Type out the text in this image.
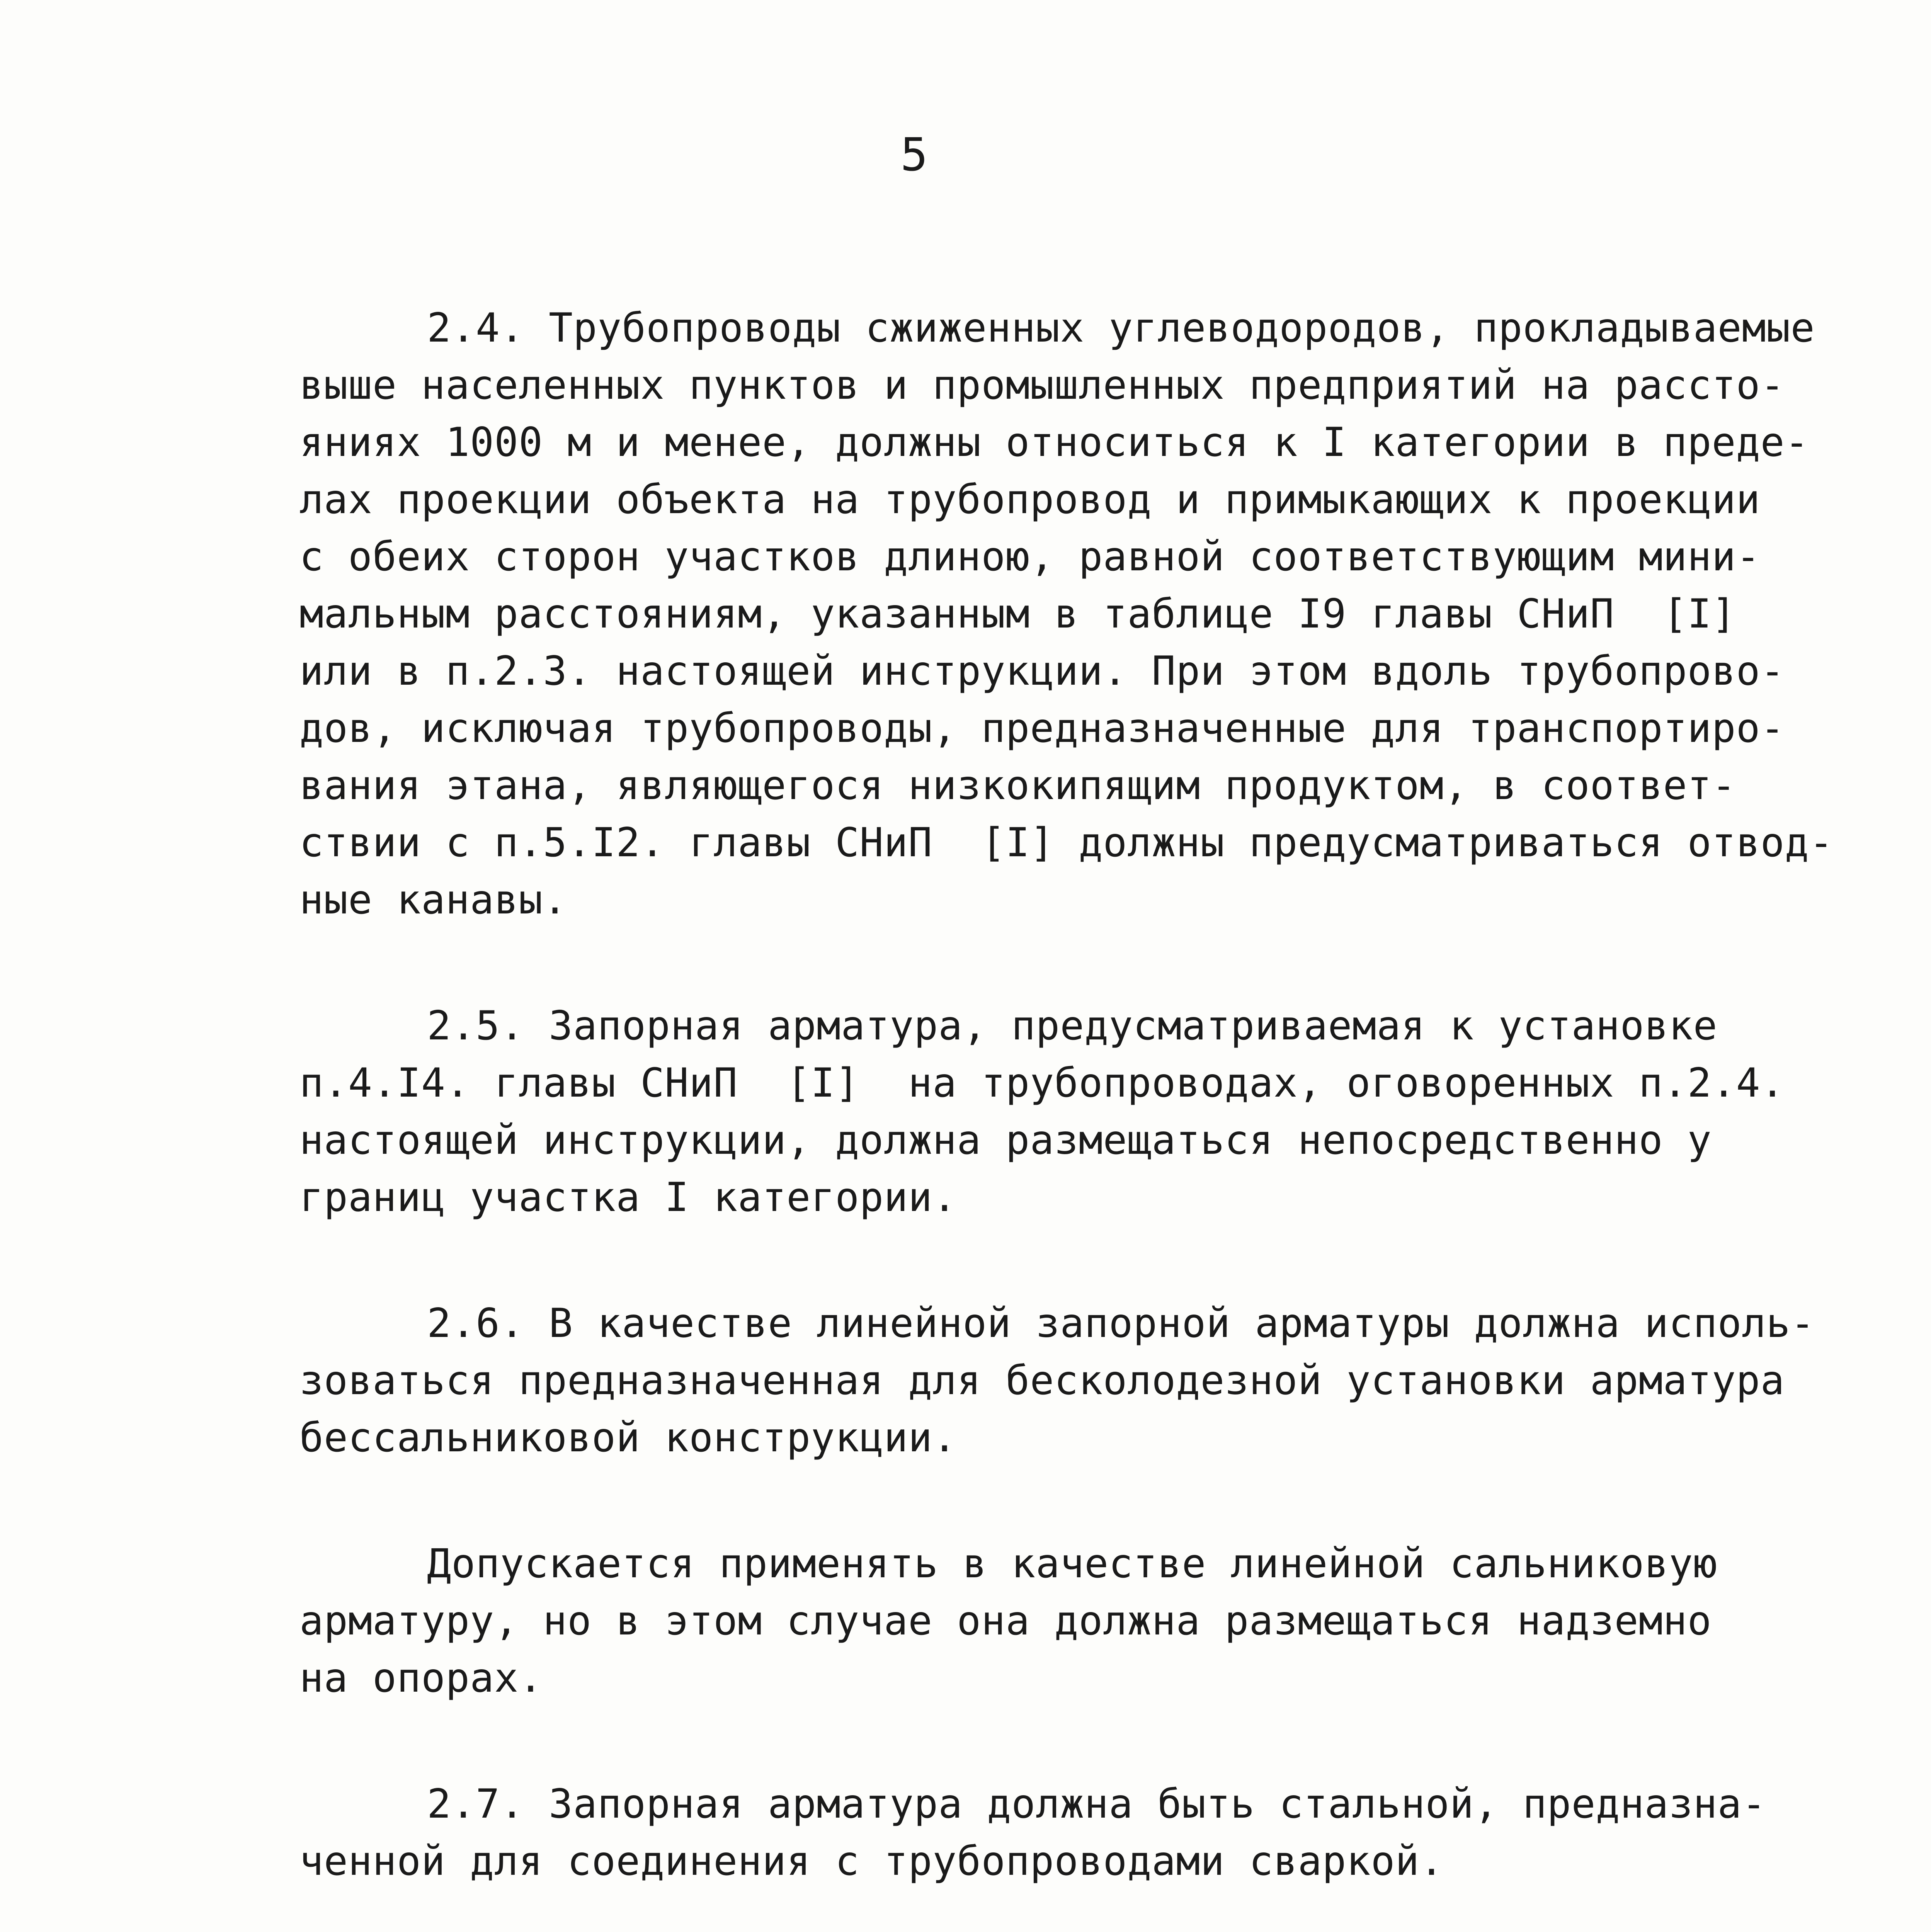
5
2.4. Трубопроводы сжиженных углеводородов, прокладываемые
выше населенных пунктов и промышленных предприятий на рассто-
яниях 1000 м и менее, должны относиться к I категории в преде-
лах проекции объекта на трубопровод и примыкающих к проекции
с обеих сторон участков длиною, равной соответствующим мини-
мальным расстояниям, указанным в таблице I9 главы СНиП  [I]
или в п.2.3. настоящей инструкции. При этом вдоль трубопрово-
дов, исключая трубопроводы, предназначенные для транспортиро-
вания этана, являющегося низкокипящим продуктом, в соответ-
ствии с п.5.I2. главы СНиП  [I] должны предусматриваться отвод-
ные канавы.
2.5. Запорная арматура, предусматриваемая к установке
п.4.I4. главы СНиП  [I]  на трубопроводах, оговоренных п.2.4.
настоящей инструкции, должна размещаться непосредственно у
границ участка I категории.
2.6. В качестве линейной запорной арматуры должна исполь-
зоваться предназначенная для бесколодезной установки арматура
бессальниковой конструкции.
Допускается применять в качестве линейной сальниковую
арматуру, но в этом случае она должна размещаться надземно
на опорах.
2.7. Запорная арматура должна быть стальной, предназна-
ченной для соединения с трубопроводами сваркой.
